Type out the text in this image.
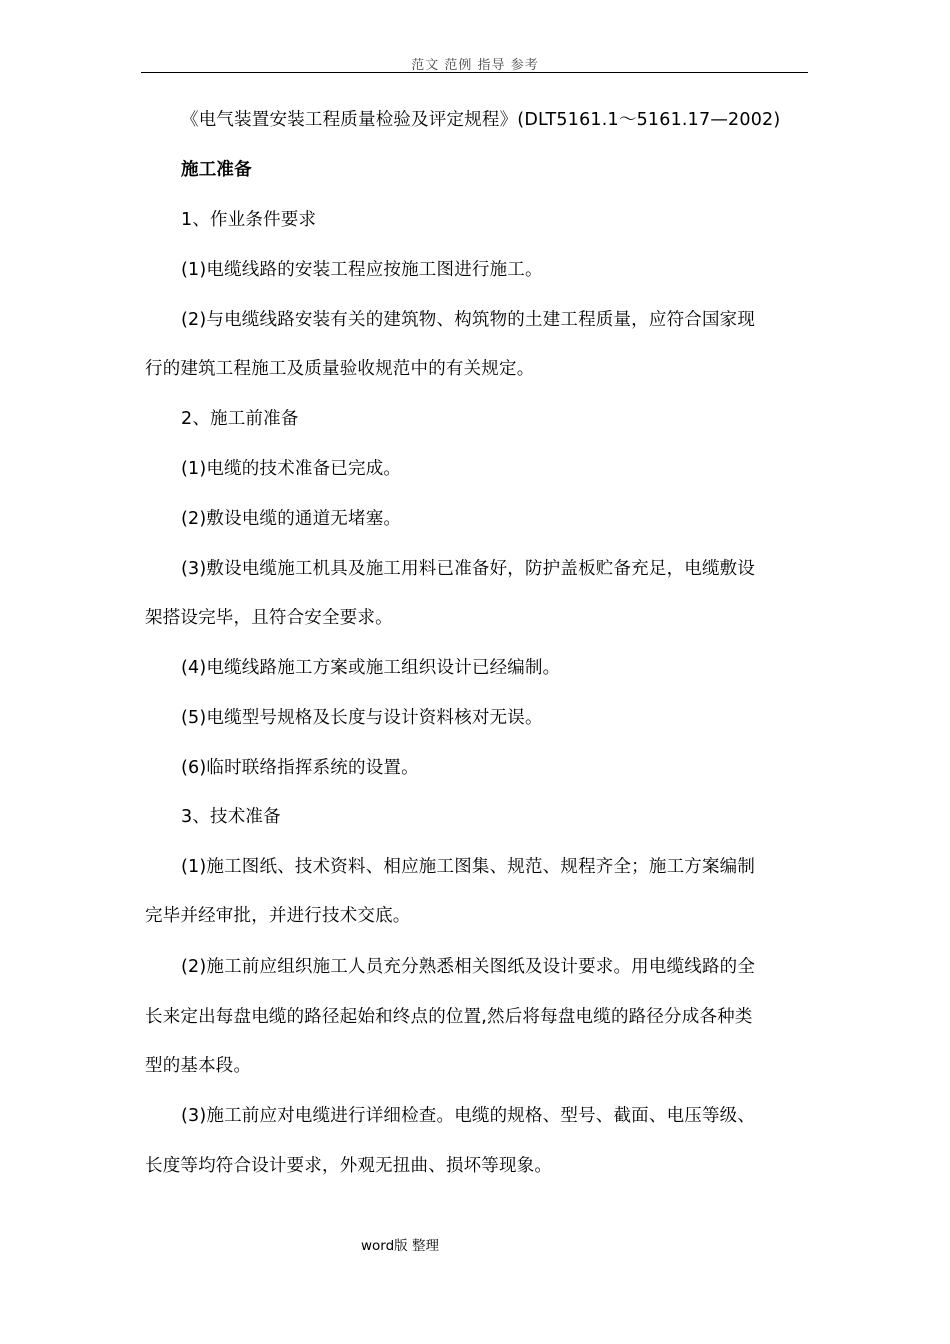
范文 范例 指导 参考
《电气装置安装工程质量检验及评定规程》(DLT5161.1～5161.17—2002)
施工准备
1、作业条件要求
(1)电缆线路的安装工程应按施工图进行施工。
(2)与电缆线路安装有关的建筑物、构筑物的土建工程质量，应符合国家现
行的建筑工程施工及质量验收规范中的有关规定。
2、施工前准备
(1)电缆的技术准备已完成。
(2)敷设电缆的通道无堵塞。
(3)敷设电缆施工机具及施工用料已准备好，防护盖板贮备充足，电缆敷设
架搭设完毕，且符合安全要求。
(4)电缆线路施工方案或施工组织设计已经编制。
(5)电缆型号规格及长度与设计资料核对无误。
(6)临时联络指挥系统的设置。
3、技术准备
(1)施工图纸、技术资料、相应施工图集、规范、规程齐全；施工方案编制
完毕并经审批，并进行技术交底。
(2)施工前应组织施工人员充分熟悉相关图纸及设计要求。用电缆线路的全
长来定出每盘电缆的路径起始和终点的位置,然后将每盘电缆的路径分成各种类
型的基本段。
(3)施工前应对电缆进行详细检查。电缆的规格、型号、截面、电压等级、
长度等均符合设计要求，外观无扭曲、损坏等现象。
word版 整理
